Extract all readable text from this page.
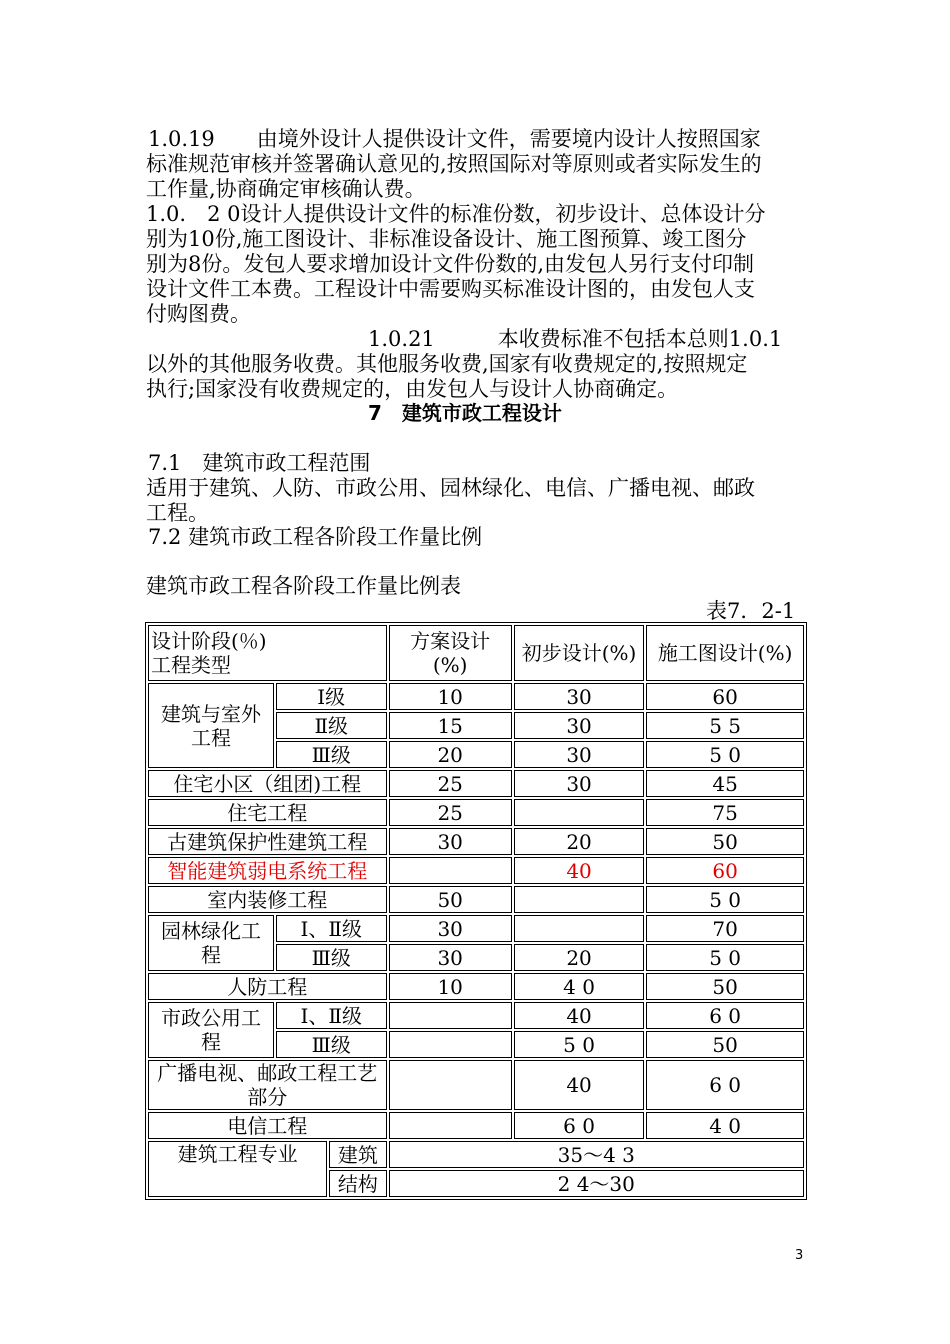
1.0.19　　由境外设计人提供设计文件，需要境内设计人按照国家
标准规范审核并签署确认意见的,按照国际对等原则或者实际发生的
工作量,协商确定审核确认费。
1.0.　2 0设计人提供设计文件的标准份数，初步设计、总体设计分
别为10份,施工图设计、非标准设备设计、施工图预算、竣工图分
别为8份。发包人要求增加设计文件份数的,由发包人另行支付印制
设计文件工本费。工程设计中需要购买标准设计图的，由发包人支
付购图费。
1.0.21　　　本收费标准不包括本总则1.0.1
以外的其他服务收费。其他服务收费,国家有收费规定的,按照规定
执行;国家没有收费规定的，由发包人与设计人协商确定。
7　建筑市政工程设计
7.1　建筑市政工程范围
适用于建筑、人防、市政公用、园林绿化、电信、广播电视、邮政
工程。
7.2 建筑市政工程各阶段工作量比例
建筑市政工程各阶段工作量比例表
表7．2-1
设计阶段(％)
工程类型			方案设计(%)	初步设计(%)	施工图设计(%)

建筑与室外工程	Ⅰ级		10	30	60
	Ⅱ级		15	30	5 5
	Ⅲ级		20	30	5 0
住宅小区（组团)工程			25	30	45
住宅工程			25		75
古建筑保护性建筑工程			30	20	50
智能建筑弱电系统工程				40	60
室内装修工程			50		5 0

园林绿化工程	Ⅰ、Ⅱ级		30		70
	Ⅲ级		30	20	5 0
人防工程			10	4 0	50

市政公用工程	Ⅰ、Ⅱ级			40	6 0
	Ⅲ级			5 0	50

广播电视、邮政工程工艺部分				40	6 0
电信工程				6 0	4 0
建筑工程专业		建筑	35～4 3		
		结构	2 4～30		
3
